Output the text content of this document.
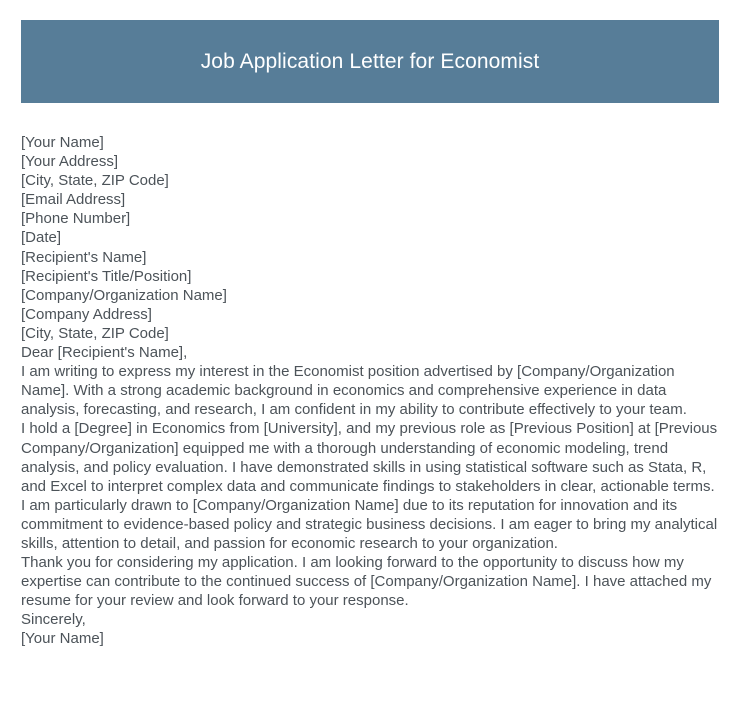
Job Application Letter for Economist

[Your Name]

[Your Address]

[City, State, ZIP Code]

[Email Address]

[Phone Number]

[Date]

[Recipient's Name]

[Recipient's Title/Position]

[Company/Organization Name]

[Company Address]

[City, State, ZIP Code]

Dear [Recipient's Name],

I am writing to express my interest in the Economist position advertised by [Company/Organization Name]. With a strong academic background in economics and comprehensive experience in data analysis, forecasting, and research, I am confident in my ability to contribute effectively to your team.

I hold a [Degree] in Economics from [University], and my previous role as [Previous Position] at [Previous Company/Organization] equipped me with a thorough understanding of economic modeling, trend analysis, and policy evaluation. I have demonstrated skills in using statistical software such as Stata, R, and Excel to interpret complex data and communicate findings to stakeholders in clear, actionable terms.

I am particularly drawn to [Company/Organization Name] due to its reputation for innovation and its commitment to evidence-based policy and strategic business decisions. I am eager to bring my analytical skills, attention to detail, and passion for economic research to your organization.

Thank you for considering my application. I am looking forward to the opportunity to discuss how my expertise can contribute to the continued success of [Company/Organization Name]. I have attached my resume for your review and look forward to your response.

Sincerely,

[Your Name]
